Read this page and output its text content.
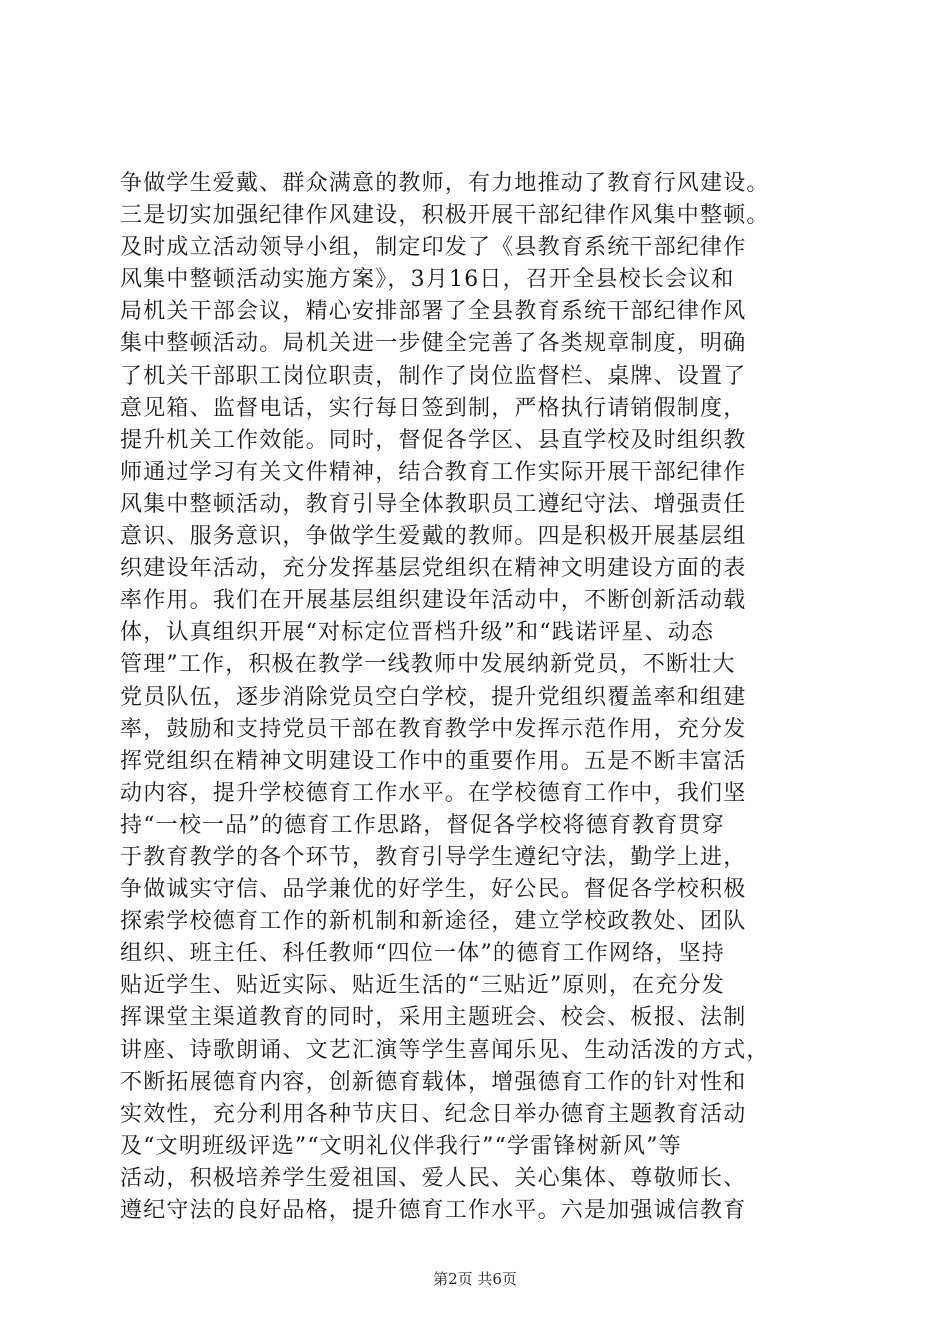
争做学生爱戴、群众满意的教师，有力地推动了教育行风建设。
三是切实加强纪律作风建设，积极开展干部纪律作风集中整顿。
及时成立活动领导小组，制定印发了《县教育系统干部纪律作
风集中整顿活动实施方案》，3月16日，召开全县校长会议和
局机关干部会议，精心安排部署了全县教育系统干部纪律作风
集中整顿活动。局机关进一步健全完善了各类规章制度，明确
了机关干部职工岗位职责，制作了岗位监督栏、桌牌、设置了
意见箱、监督电话，实行每日签到制，严格执行请销假制度，
提升机关工作效能。同时，督促各学区、县直学校及时组织教
师通过学习有关文件精神，结合教育工作实际开展干部纪律作
风集中整顿活动，教育引导全体教职员工遵纪守法、增强责任
意识、服务意识，争做学生爱戴的教师。四是积极开展基层组
织建设年活动，充分发挥基层党组织在精神文明建设方面的表
率作用。我们在开展基层组织建设年活动中，不断创新活动载
体，认真组织开展“对标定位晋档升级”和“践诺评星、动态
管理”工作，积极在教学一线教师中发展纳新党员，不断壮大
党员队伍，逐步消除党员空白学校，提升党组织覆盖率和组建
率，鼓励和支持党员干部在教育教学中发挥示范作用，充分发
挥党组织在精神文明建设工作中的重要作用。五是不断丰富活
动内容，提升学校德育工作水平。在学校德育工作中，我们坚
持“一校一品”的德育工作思路，督促各学校将德育教育贯穿
于教育教学的各个环节，教育引导学生遵纪守法，勤学上进，
争做诚实守信、品学兼优的好学生，好公民。督促各学校积极
探索学校德育工作的新机制和新途径，建立学校政教处、团队
组织、班主任、科任教师“四位一体”的德育工作网络，坚持
贴近学生、贴近实际、贴近生活的“三贴近”原则，在充分发
挥课堂主渠道教育的同时，采用主题班会、校会、板报、法制
讲座、诗歌朗诵、文艺汇演等学生喜闻乐见、生动活泼的方式，
不断拓展德育内容，创新德育载体，增强德育工作的针对性和
实效性，充分利用各种节庆日、纪念日举办德育主题教育活动
及“文明班级评选”“文明礼仪伴我行”“学雷锋树新风”等
活动，积极培养学生爱祖国、爱人民、关心集体、尊敬师长、
遵纪守法的良好品格，提升德育工作水平。六是加强诚信教育
第2页 共6页
